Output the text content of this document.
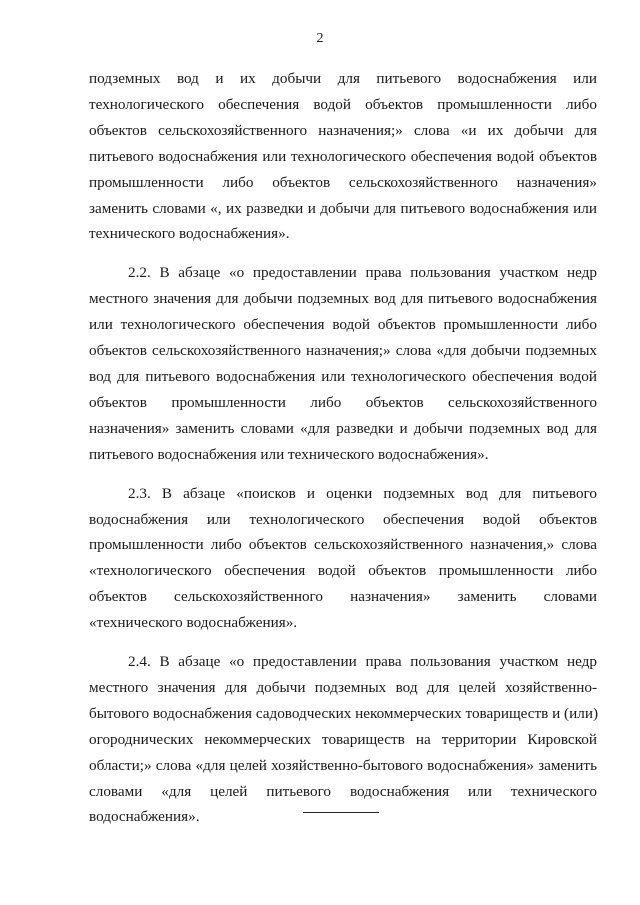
2

подземных вод и их добычи для питьевого водоснабжения или
технологического обеспечения водой объектов промышленности либо
объектов сельскохозяйственного назначения;» слова «и их добычи для
питьевого водоснабжения или технологического обеспечения водой объектов
промышленности либо объектов сельскохозяйственного назначения»
заменить словами «, их разведки и добычи для питьевого водоснабжения или
технического водоснабжения».

2.2. В абзаце «о предоставлении права пользования участком недр
местного значения для добычи подземных вод для питьевого водоснабжения
или технологического обеспечения водой объектов промышленности либо
объектов сельскохозяйственного назначения;» слова «для добычи подземных
вод для питьевого водоснабжения или технологического обеспечения водой
объектов промышленности либо объектов сельскохозяйственного
назначения» заменить словами «для разведки и добычи подземных вод для
питьевого водоснабжения или технического водоснабжения».

2.3. В абзаце «поисков и оценки подземных вод для питьевого
водоснабжения или технологического обеспечения водой объектов
промышленности либо объектов сельскохозяйственного назначения,» слова
«технологического обеспечения водой объектов промышленности либо
объектов сельскохозяйственного назначения» заменить словами
«технического водоснабжения».

2.4. В абзаце «о предоставлении права пользования участком недр
местного значения для добычи подземных вод для целей хозяйственно-
бытового водоснабжения садоводческих некоммерческих товариществ и (или)
огороднических некоммерческих товариществ на территории Кировской
области;» слова «для целей хозяйственно-бытового водоснабжения» заменить
словами «для целей питьевого водоснабжения или технического
водоснабжения».
